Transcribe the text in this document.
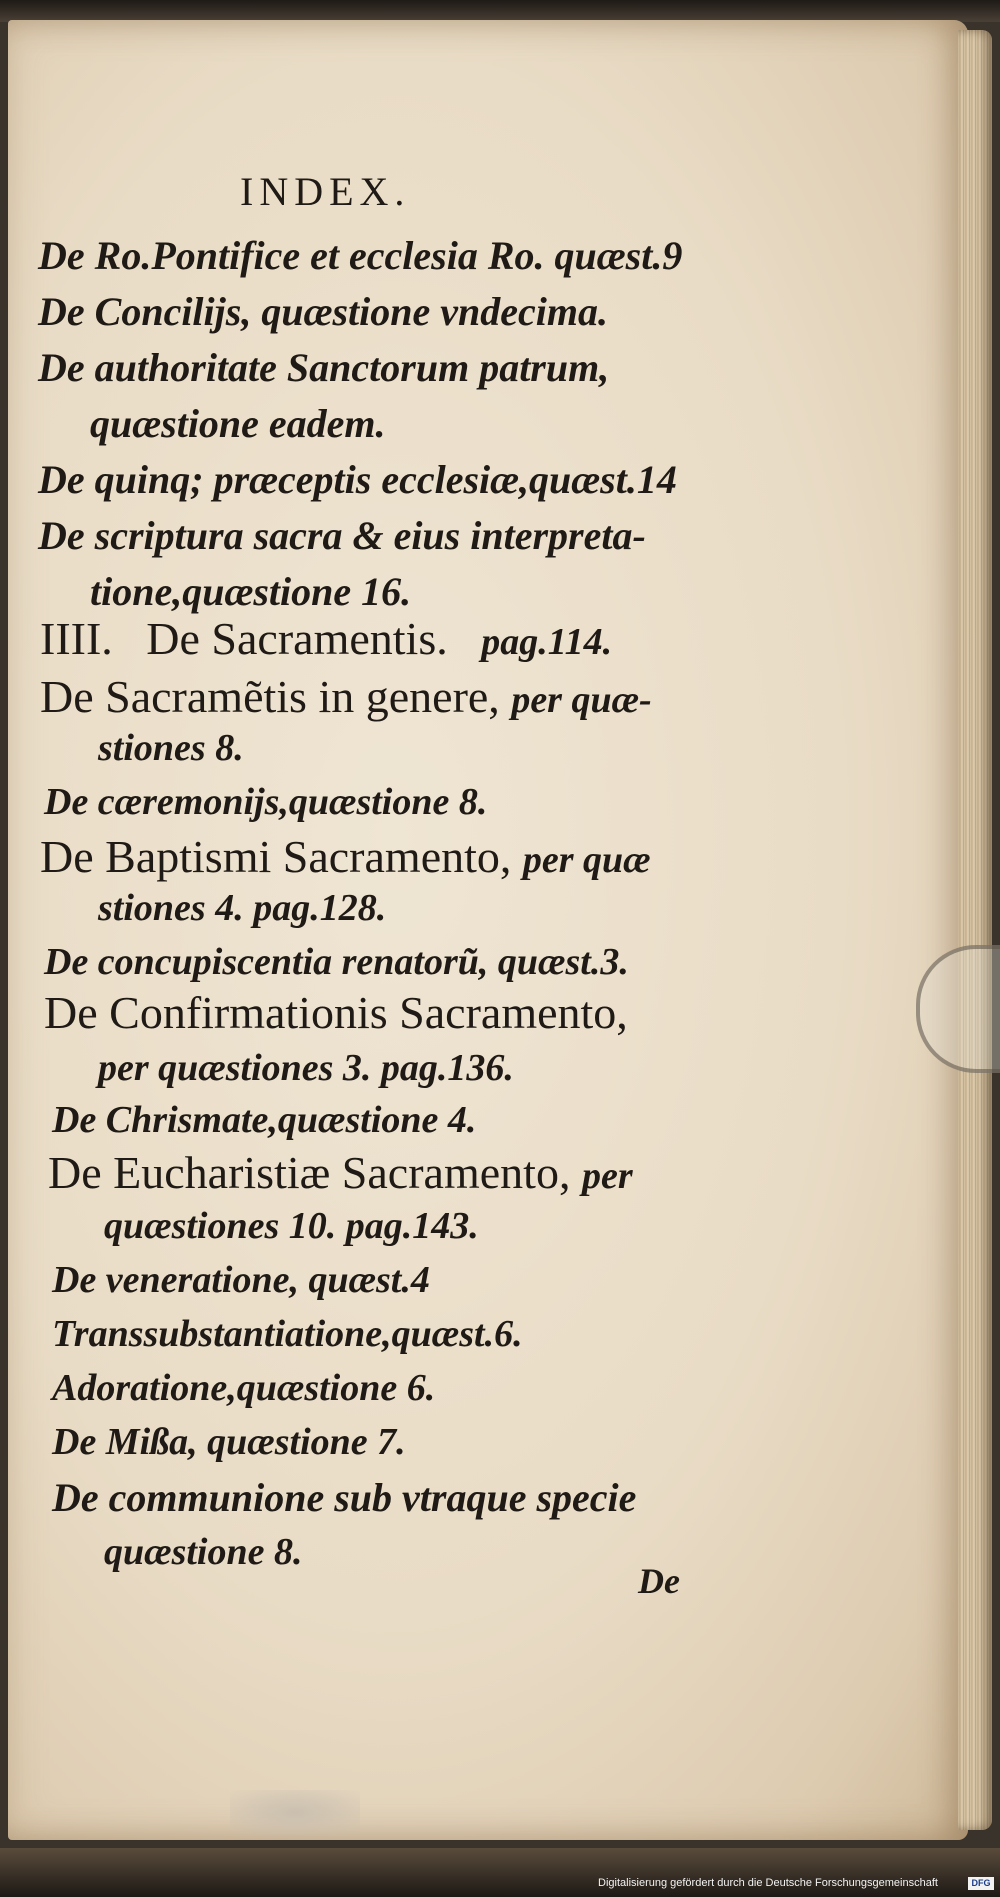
INDEX.
De Ro.Pontifice et ecclesia Ro. quæst.9
De Concilijs, quæstione vndecima.
De authoritate Sanctorum patrum,
quæstione eadem.
De quinq; præceptis ecclesiæ,quæst.14
De scriptura sacra & eius interpreta-
tione,quæstione 16.
IIII. De Sacramentis. pag.114.
De Sacramẽtis in genere, per quæ-
stiones 8.
De cæremonijs,quæstione 8.
De Baptismi Sacramento, per quæ
stiones 4. pag.128.
De concupiscentia renatorũ, quæst.3.
De Confirmationis Sacramento,
per quæstiones 3. pag.136.
De Chrismate,quæstione 4.
De Eucharistiæ Sacramento, per
quæstiones 10. pag.143.
De veneratione, quæst.4
Transsubstantiatione,quæst.6.
Adoratione,quæstione 6.
De Mißa, quæstione 7.
De communione sub vtraque specie
quæstione 8.
De
Digitalisierung gefördert durch die Deutsche Forschungsgemeinschaft	DFG
